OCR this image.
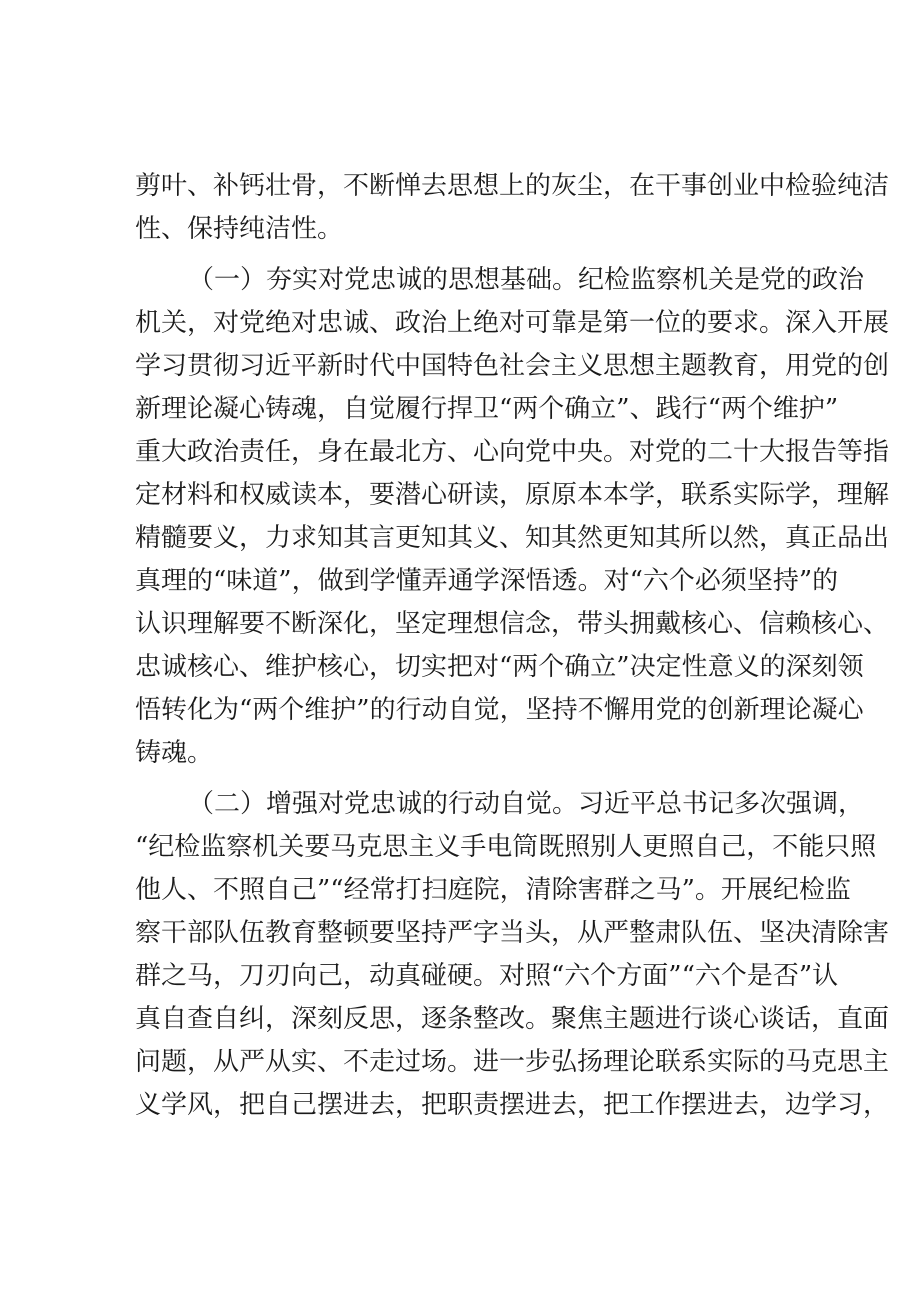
剪叶、补钙壮骨，不断惮去思想上的灰尘，在干事创业中检验纯洁

性、保持纯洁性。

（一）夯实对党忠诚的思想基础。纪检监察机关是党的政治

机关，对党绝对忠诚、政治上绝对可靠是第一位的要求。深入开展

学习贯彻习近平新时代中国特色社会主义思想主题教育，用党的创

新理论凝心铸魂，自觉履行捍卫“两个确立”、践行“两个维护”

重大政治责任，身在最北方、心向党中央。对党的二十大报告等指

定材料和权威读本，要潜心研读，原原本本学，联系实际学，理解

精髓要义，力求知其言更知其义、知其然更知其所以然，真正品出

真理的“味道”，做到学懂弄通学深悟透。对“六个必须坚持”的

认识理解要不断深化，坚定理想信念，带头拥戴核心、信赖核心、

忠诚核心、维护核心，切实把对“两个确立”决定性意义的深刻领

悟转化为“两个维护”的行动自觉，坚持不懈用党的创新理论凝心

铸魂。

（二）增强对党忠诚的行动自觉。习近平总书记多次强调，

“纪检监察机关要马克思主义手电筒既照别人更照自己，不能只照

他人、不照自己”“经常打扫庭院，清除害群之马”。开展纪检监

察干部队伍教育整顿要坚持严字当头，从严整肃队伍、坚决清除害

群之马，刀刃向己，动真碰硬。对照“六个方面”“六个是否”认

真自查自纠，深刻反思，逐条整改。聚焦主题进行谈心谈话，直面

问题，从严从实、不走过场。进一步弘扬理论联系实际的马克思主

义学风，把自己摆进去，把职责摆进去，把工作摆进去，边学习，
